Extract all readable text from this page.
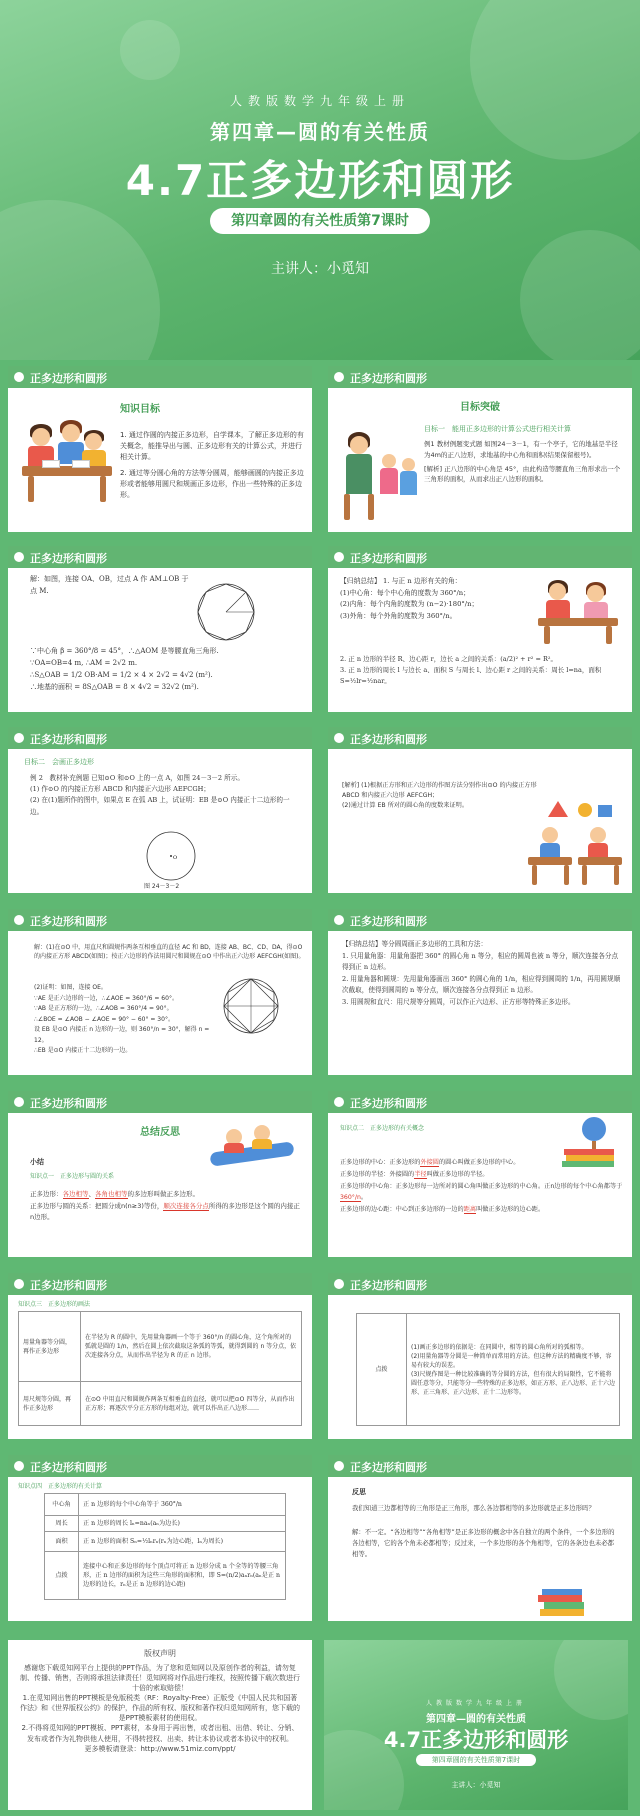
人教版数学九年级上册
第四章—圆的有关性质
4.7正多边形和圆形
第四章圆的有关性质第7课时
主讲人：小觅知
正多边形和圆形
知识目标

1. 通过作圆的内接正多边形，自学课本，了解正多边形的有关概念，能推导出与圆、正多边形有关的计算公式，并进行相关计算。

2. 通过等分圆心角的方法等分圆周，能够画圆的内接正多边形或者能够用圆尺和规画正多边形，作出一些特殊的正多边形。

正多边形和圆形
目标突破

目标一　能用正多边形的计算公式进行相关计算

例1 教材例题变式题 如图24－3－1，有一个亭子，它的地基是半径为4m的正八边形，求地基的中心角和面积(结果保留根号)。

[解析] 正八边形的中心角是 45°，由此构造等腰直角三角形求出一个三角形的面积，从而求出正八边形的面积。

正多边形和圆形
解：如图，连接 OA、OB，过点 A 作 AM⊥OB 于点 M.
∵中心角 β = 360°/8 = 45°，∴△AOM 是等腰直角三角形.
∵OA=OB=4 m, ∴AM = 2√2 m.
∴S△OAB = 1/2 OB·AM = 1/2 × 4 × 2√2 = 4√2 (m²).
∴地基的面积 = 8S△OAB = 8 × 4√2 = 32√2 (m²).
正多边形和圆形
【归纳总结】 1. 与正 n 边形有关的角：
(1)中心角：每个中心角的度数为 360°/n；
(2)内角：每个内角的度数为 (n−2)·180°/n；
(3)外角：每个外角的度数为 360°/n。
2. 正 n 边形的半径 R、边心距 r，边长 a 之间的关系：(a/2)² + r² = R²。
3. 正 n 边形的周长 l 与边长 a、面积 S 与周长 l、边心距 r 之间的关系：周长 l=na，面积 S=½lr=½nar。
正多边形和圆形
目标二　会画正多边形
例 2　教材补充例题 已知⊙O 和⊙O 上的一点 A，如图 24－3－2 所示。
(1) 作⊙O 的内接正方形 ABCD 和内接正六边形 AEFCGH；
(2) 在(1)题所作的图中，如果点 E 在弧 AB 上，试证明：EB 是⊙O 内接正十二边形的一边。
O
图 24－3－2
正多边形和圆形
[解析] (1)根据正方形和正六边形的作图方法分别作出⊙O 的内接正方形 ABCD 和内接正六边形 AEFCGH；
(2)通过计算 EB 所对的圆心角的度数来证明。
正多边形和圆形
解：(1)在⊙O 中，用直尺和圆规作两条互相垂直的直径 AC 和 BD，连接 AB、BC、CD、DA，得⊙O 的内接正方形 ABCD(如图)；按正六边形的作法用圆尺和圆规在⊙O 中作出正六边形 AEFCGH(如图)。
(2)证明：如图，连接 OE。
∵AE 是正六边形的一边，∴∠AOE = 360°/6 = 60°。
∵AB 是正方形的一边，∴∠AOB = 360°/4 = 90°。
∴∠BOE = ∠AOB − ∠AOE = 90° − 60° = 30°。
设 EB 是⊙O 内接正 n 边形的一边，则 360°/n = 30°，解得 n = 12。
∴EB 是⊙O 内接正十二边形的一边。
正多边形和圆形
【归纳总结】等分圆周画正多边形的工具和方法：
1. 只用量角器：用量角器把 360° 的圆心角 n 等分，相应的圆周也被 n 等分，顺次连接各分点得到正 n 边形。
2. 用量角器和圆规：先用量角器画出 360° 的圆心角的 1/n，相应得到圆周的 1/n，再用圆规顺次截取，使得到圆周的 n 等分点，顺次连接各分点得到正 n 边形。
3. 用圆规和直尺：用尺规等分圆周，可以作正六边形、正方形等特殊正多边形。
正多边形和圆形
总结反思
小结
知识点一　正多边形与圆的关系
正多边形：各边相等、各角也相等的多边形叫做正多边形。
正多边形与圆的关系：把圆分成n(n≥3)等份，顺次连接各分点所得的多边形是这个圆的内接正n边形。
正多边形和圆形
知识点二　正多边形的有关概念
正多边形的中心：正多边形的外接圆的圆心叫做正多边形的中心。
正多边形的半径：外接圆的半径叫做正多边形的半径。
正多边形的中心角：正多边形每一边所对的圆心角叫做正多边形的中心角。正n边形的每个中心角都等于360°/n。
正多边形的边心距：中心到正多边形的一边的距离叫做正多边形的边心距。
正多边形和圆形
知识点三　正多边形的画法
用量角器等分圆，再作正多边形	在半径为 R 的圆中，先用量角器画一个等于 360°/n 的圆心角，这个角所对的弧就是圆的 1/n，然后在圆上依次截取这条弧的等弧，就得到圆的 n 等分点，依次连接各分点，从而作出半径为 R 的正 n 边形。
用尺规等分圆，再作正多边形	在⊙O 中用直尺和圆规作两条互相垂直的直径，就可以把⊙O 四等分，从而作出正方形；再逐次平分正方形的每组对边，就可以作出正八边形……
正多边形和圆形
点拨	
(1)画正多边形的依据是：在同圆中，相等的圆心角所对的弧相等。
(2)用量角器等分圆是一种简单而常用的方法。但这种方法的精确度不够，容易有较大的误差。
(3)尺规作图是一种比较准确的等分圆的方法，但有很大的局限性，它不能将圆任意等分，只能等分一些特殊的正多边形，如正方形、正八边形、正十六边形、正三角形、正六边形、正十二边形等。
正多边形和圆形
知识点四　正多边形的有关计算
中心角	正 n 边形的每个中心角等于 360°/n
周长	正 n 边形的周长 lₙ=naₙ(aₙ为边长)
面积	正 n 边形的面积 Sₙ=½lₙrₙ(rₙ为边心距，lₙ为周长)
点拨	连接中心和正多边形的每个顶点可将正 n 边形分成 n 个全等的等腰三角形，正 n 边形的面积为这些三角形的面积和，即 S=(n/2)aₙrₙ(aₙ是正 n 边形的边长，rₙ是正 n 边形的边心距)
正多边形和圆形
反思
我们知道三边都相等的三角形是正三角形，那么各边都相等的多边形就是正多边形吗？
解：不一定。“各边相等”“各角相等”是正多边形的概念中各自独立的两个条件，一个多边形的各边相等，它的各个角未必都相等；反过来，一个多边形的各个角相等，它的各条边也未必都相等。
版权声明

感谢您下载觅知网平台上提供的PPT作品，为了您和觅知网以及原创作者的利益，请勿复制、传播、销售，否则将承担法律责任！觅知网将对作品进行维权，按照传播下载次数进行十倍的索取赔偿！

1.在觅知网出售的PPT模板是免版税类（RF：Royalty-Free）正版受《中国人民共和国著作法》和《世界版权公约》的保护，作品的所有权、版权和著作权归觅知网所有，您下载的是PPT模板素材的使用权。

2.不得将觅知网的PPT模板、PPT素材，本身用于再出售，或者出租、出借、转让、分销、发布或者作为礼物供他人使用，不得转授权、出卖、转让本协议或者本协议中的权利。

更多模板请登录：http://www.51miz.com/ppt/

人教版数学九年级上册
第四章—圆的有关性质
4.7正多边形和圆形
第四章圆的有关性质第7课时
主讲人：小觅知
